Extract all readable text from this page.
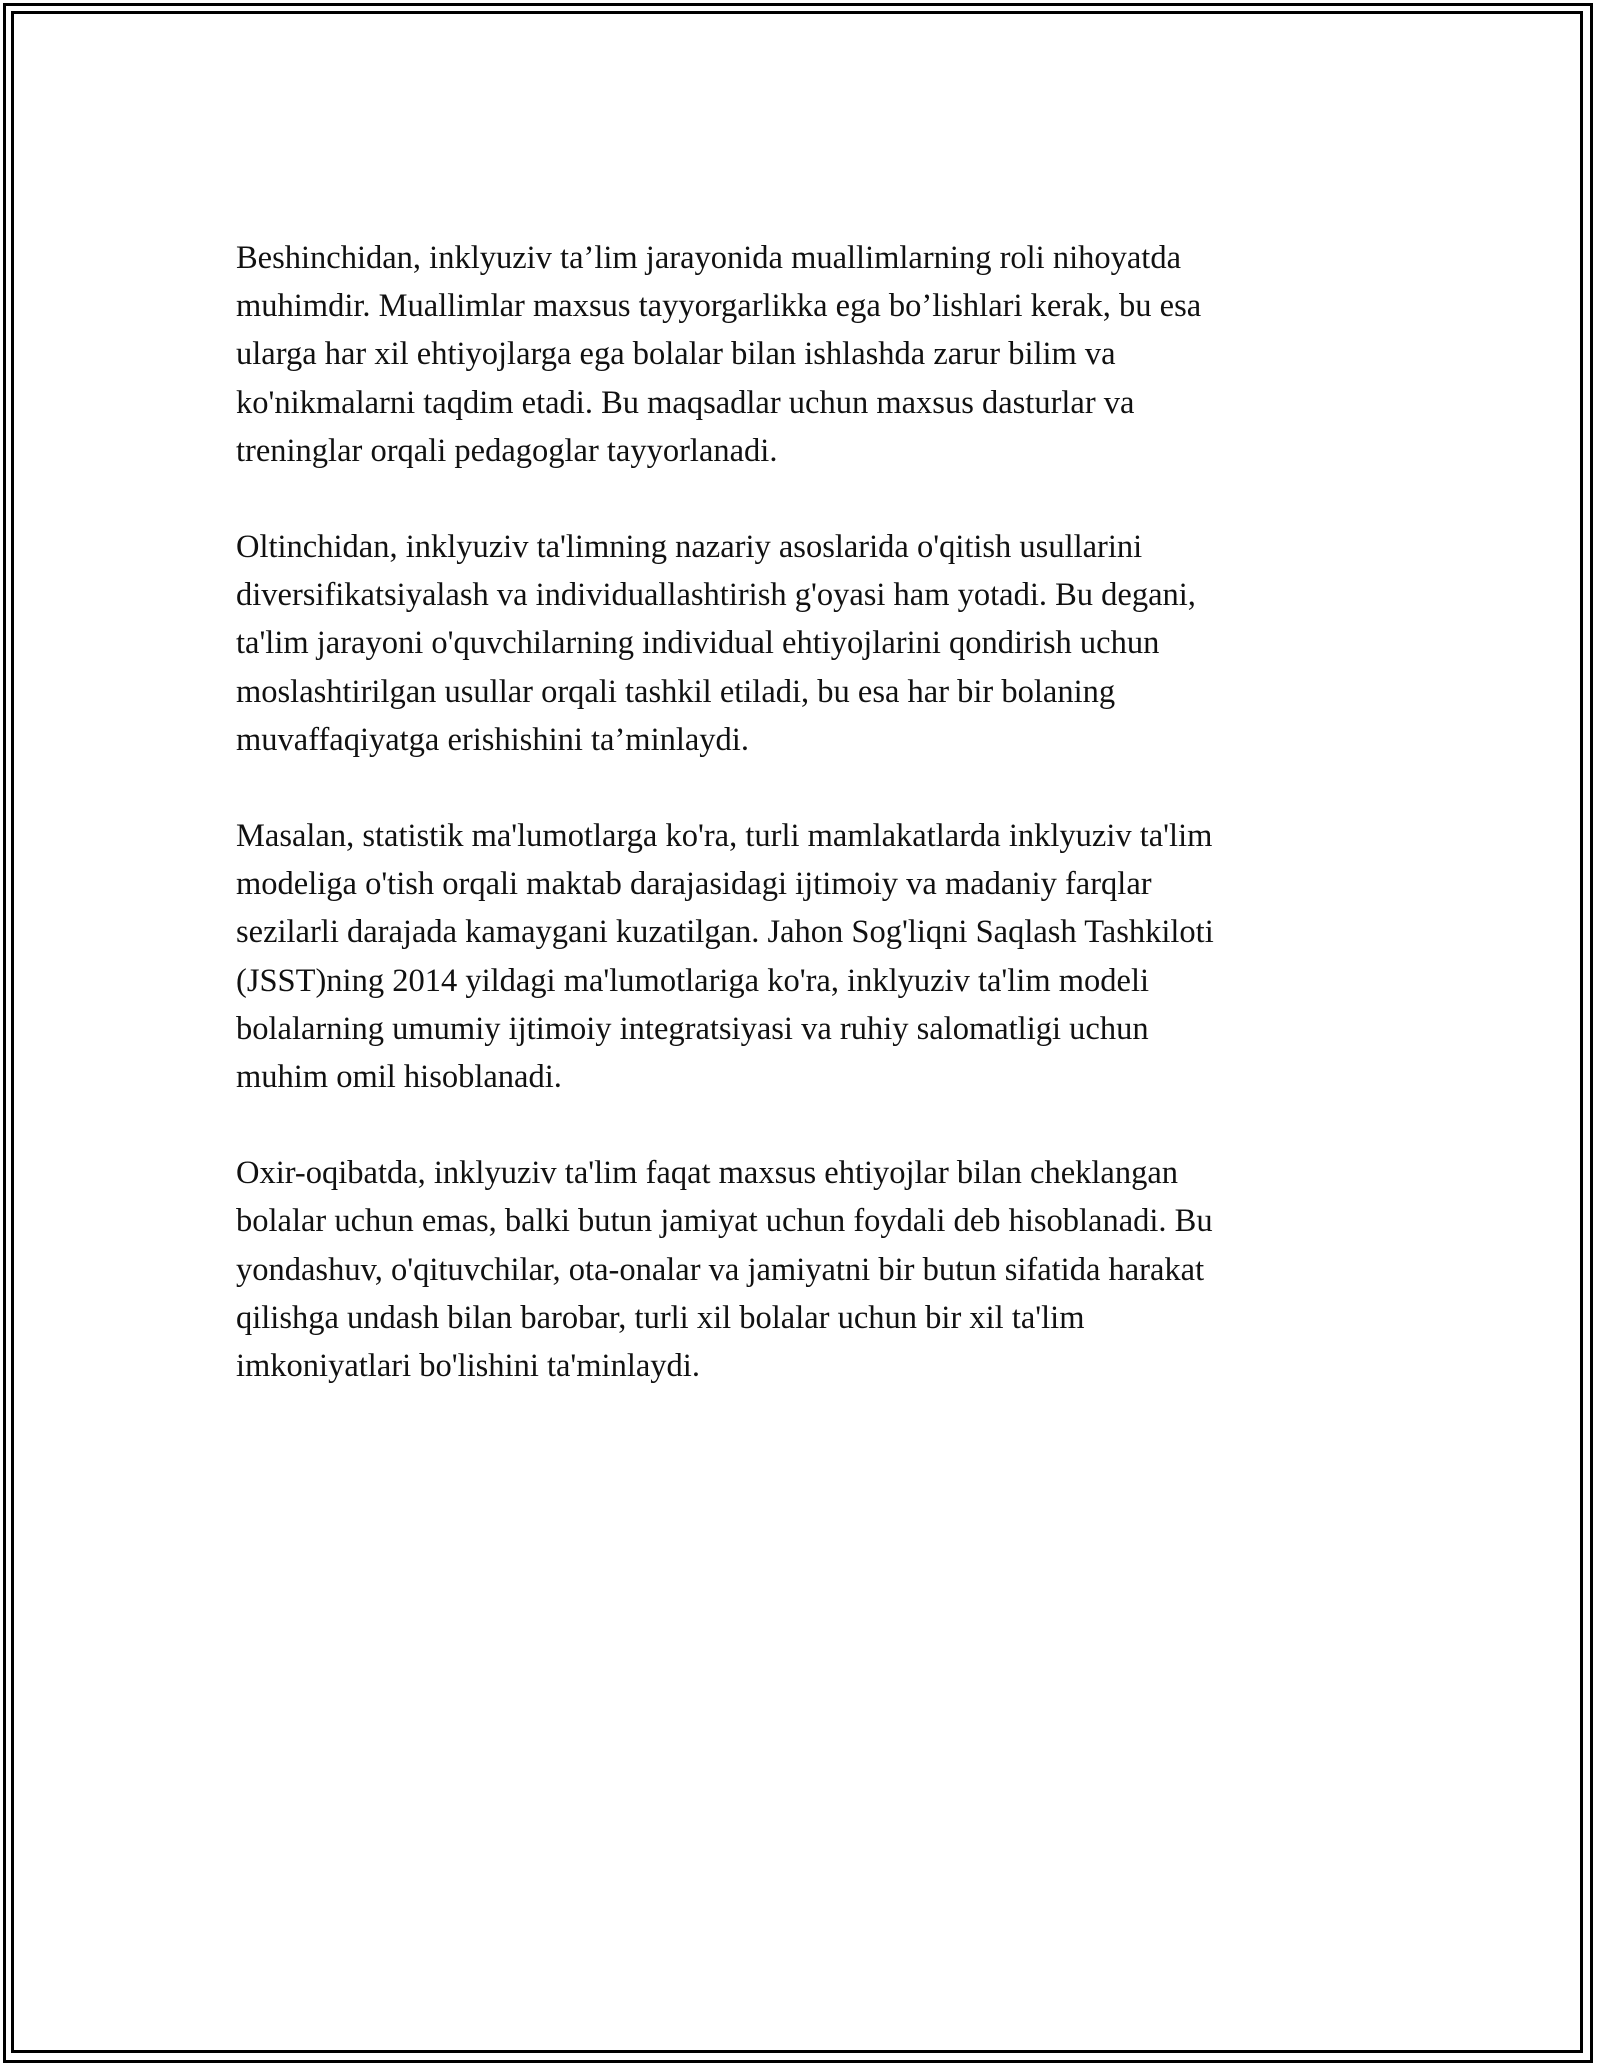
Beshinchidan, inklyuziv ta’lim jarayonida muallimlarning roli nihoyatda
muhimdir. Muallimlar maxsus tayyorgarlikka ega bo’lishlari kerak, bu esa
ularga har xil ehtiyojlarga ega bolalar bilan ishlashda zarur bilim va
ko'nikmalarni taqdim etadi. Bu maqsadlar uchun maxsus dasturlar va
treninglar orqali pedagoglar tayyorlanadi.

Oltinchidan, inklyuziv ta'limning nazariy asoslarida o'qitish usullarini
diversifikatsiyalash va individuallashtirish g'oyasi ham yotadi. Bu degani,
ta'lim jarayoni o'quvchilarning individual ehtiyojlarini qondirish uchun
moslashtirilgan usullar orqali tashkil etiladi, bu esa har bir bolaning
muvaffaqiyatga erishishini ta’minlaydi.

Masalan, statistik ma'lumotlarga ko'ra, turli mamlakatlarda inklyuziv ta'lim
modeliga o'tish orqali maktab darajasidagi ijtimoiy va madaniy farqlar
sezilarli darajada kamaygani kuzatilgan. Jahon Sog'liqni Saqlash Tashkiloti
(JSST)ning 2014 yildagi ma'lumotlariga ko'ra, inklyuziv ta'lim modeli
bolalarning umumiy ijtimoiy integratsiyasi va ruhiy salomatligi uchun
muhim omil hisoblanadi.

Oxir-oqibatda, inklyuziv ta'lim faqat maxsus ehtiyojlar bilan cheklangan
bolalar uchun emas, balki butun jamiyat uchun foydali deb hisoblanadi. Bu
yondashuv, o'qituvchilar, ota-onalar va jamiyatni bir butun sifatida harakat
qilishga undash bilan barobar, turli xil bolalar uchun bir xil ta'lim
imkoniyatlari bo'lishini ta'minlaydi.
